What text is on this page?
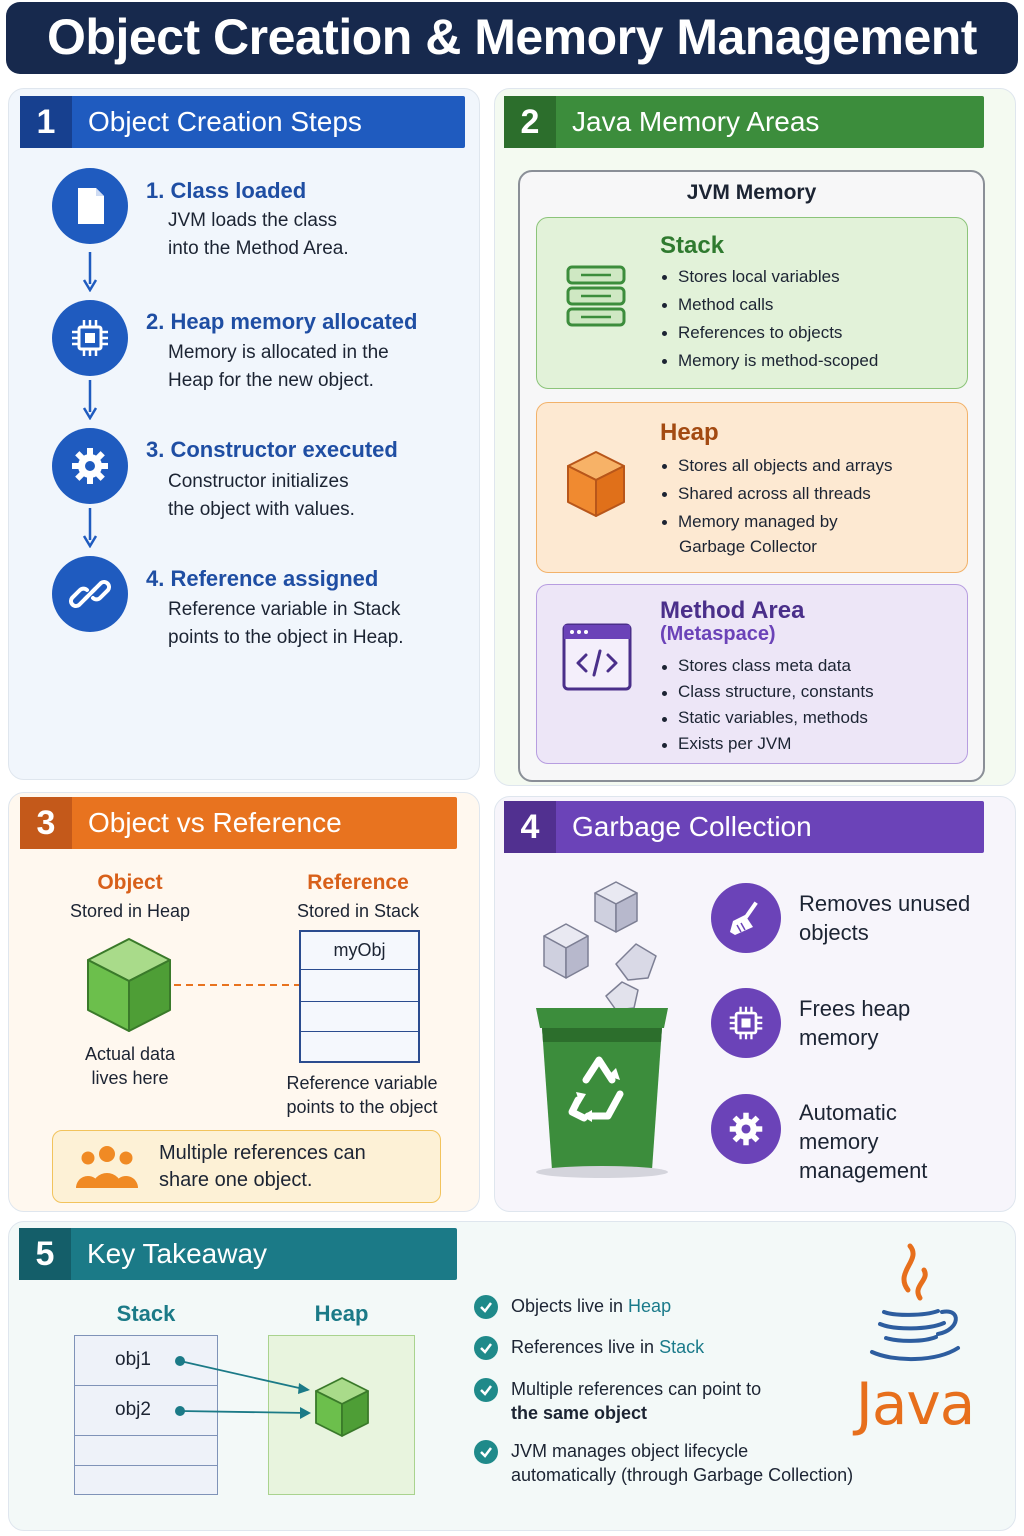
Object Creation & Memory Management
1	Object Creation Steps
1. Class loaded
JVM loads the class
into the Method Area.
2. Heap memory allocated
Memory is allocated in the
Heap for the new object.
3. Constructor executed
Constructor initializes
the object with values.
4. Reference assigned
Reference variable in Stack
points to the object in Heap.
2	Java Memory Areas
JVM Memory
Stack
Stores local variables
Method calls
References to objects
Memory is method-scoped
Heap
Stores all objects and arrays
Shared across all threads
Memory managed by
Garbage Collector
Method Area
(Metaspace)
Stores class meta data
Class structure, constants
Static variables, methods
Exists per JVM
3	Object vs Reference
Object
Stored in Heap
Actual data
lives here
Reference
Stored in Stack
myObj
Reference variable
points to the object
Multiple references can
share one object.
4	Garbage Collection
Removes unused
objects
Frees heap
memory
Automatic
memory
management
5	Key Takeaway
Stack	Heap
obj1
obj2
Objects live in Heap
References live in Stack
Multiple references can point to
the same object
JVM manages object lifecycle
automatically (through Garbage Collection)
Java
